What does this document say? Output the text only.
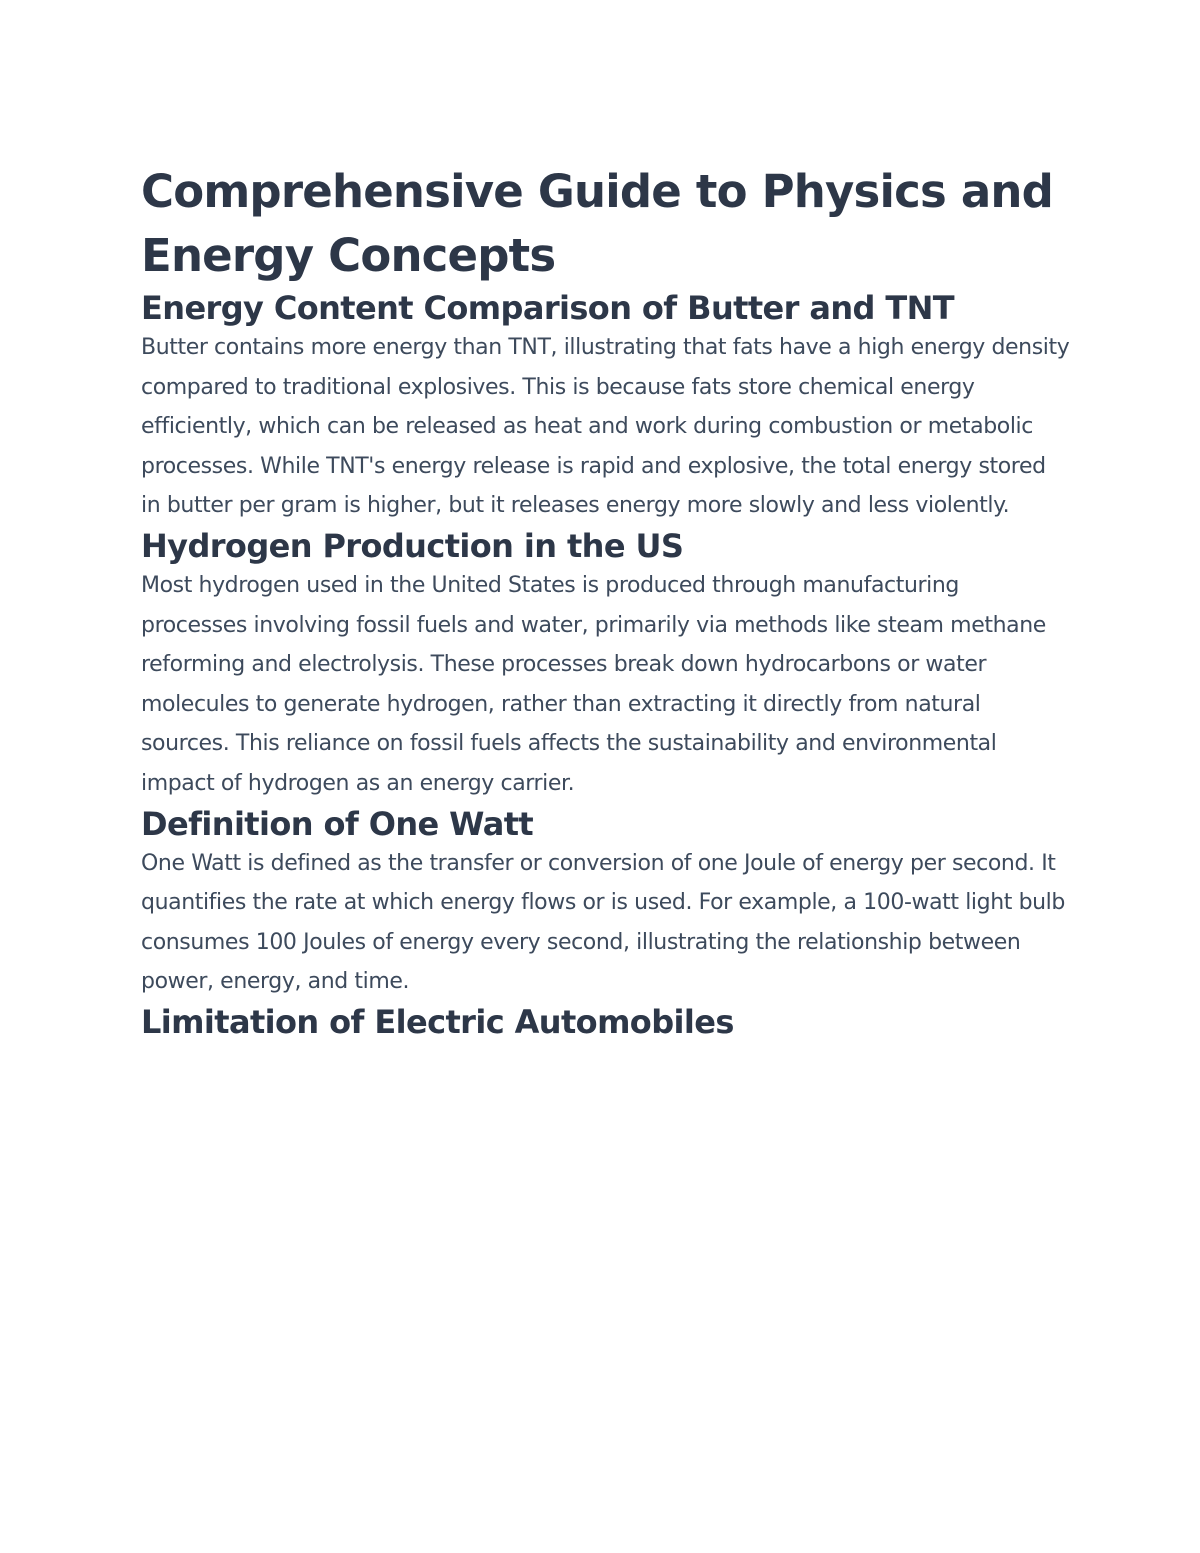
Comprehensive Guide to Physics and Energy Concepts
Energy Content Comparison of Butter and TNT

Butter contains more energy than TNT, illustrating that fats have a high energy density compared to traditional explosives. This is because fats store chemical energy efficiently, which can be released as heat and work during combustion or metabolic processes. While TNT's energy release is rapid and explosive, the total energy stored in butter per gram is higher, but it releases energy more slowly and less violently.

Hydrogen Production in the US

Most hydrogen used in the United States is produced through manufacturing processes involving fossil fuels and water, primarily via methods like steam methane reforming and electrolysis. These processes break down hydrocarbons or water molecules to generate hydrogen, rather than extracting it directly from natural sources. This reliance on fossil fuels affects the sustainability and environmental impact of hydrogen as an energy carrier.

Definition of One Watt

One Watt is defined as the transfer or conversion of one Joule of energy per second. It quantifies the rate at which energy flows or is used. For example, a 100-watt light bulb consumes 100 Joules of energy every second, illustrating the relationship between power, energy, and time.

Limitation of Electric Automobiles
